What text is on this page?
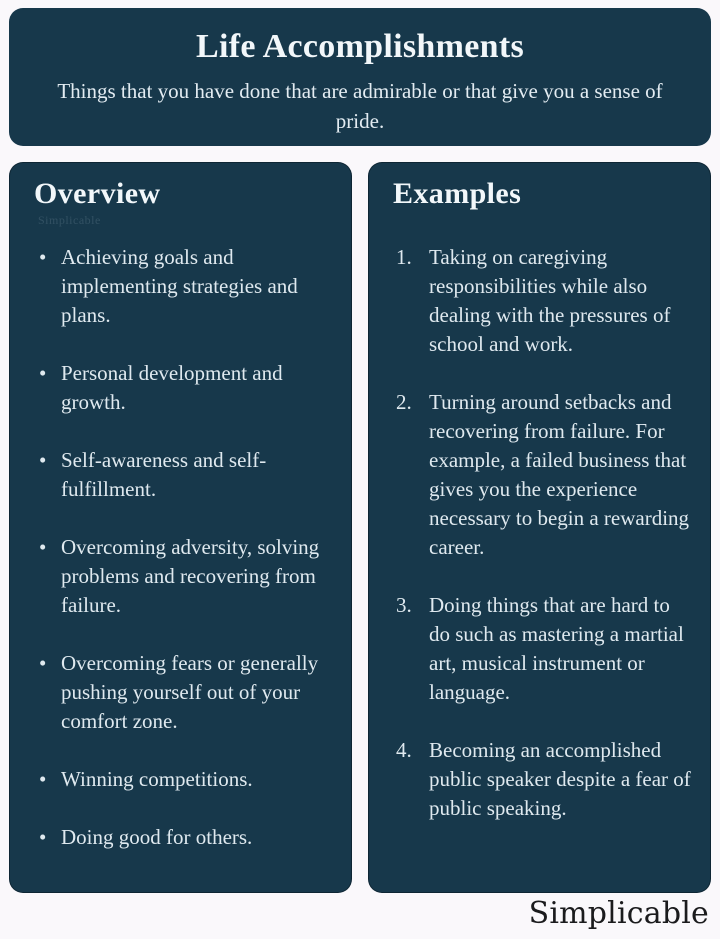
Life Accomplishments

Things that you have done that are admirable or that give you a sense of pride.

Overview
Simplicable
• Achieving goals and implementing strategies and plans.
• Personal development and growth.
• Self-awareness and self-fulfillment.
• Overcoming adversity, solving problems and recovering from failure.
• Overcoming fears or generally pushing yourself out of your comfort zone.
• Winning competitions.
• Doing good for others.
Examples
Taking on caregiving responsibilities while also dealing with the pressures of school and work.
Turning around setbacks and recovering from failure. For example, a failed business that gives you the experience necessary to begin a rewarding career.
Doing things that are hard to do such as mastering a martial art, musical instrument or language.
Becoming an accomplished public speaker despite a fear of public speaking.
Simplicable
